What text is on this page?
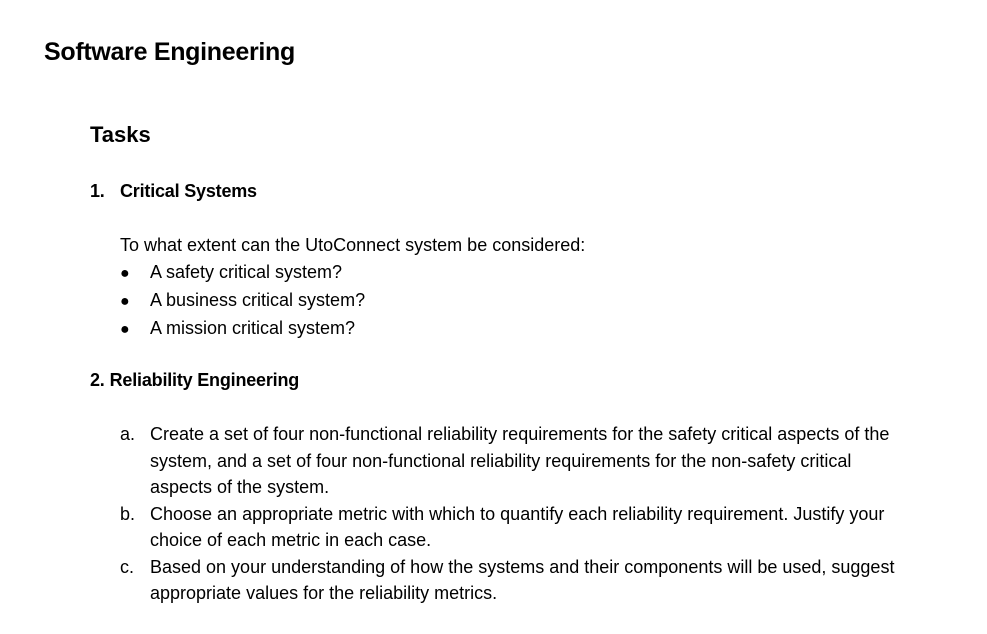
Software Engineering
Tasks
1. Critical Systems

To what extent can the UtoConnect system be considered:

●	A safety critical system?
●	A business critical system?
●	A mission critical system?
2. Reliability Engineering
a. Create a set of four non-functional reliability requirements for the safety critical aspects of the system, and a set of four non-functional reliability requirements for the non-safety critical aspects of the system.
b. Choose an appropriate metric with which to quantify each reliability requirement. Justify your choice of each metric in each case.
c. Based on your understanding of how the systems and their components will be used, suggest appropriate values for the reliability metrics.
